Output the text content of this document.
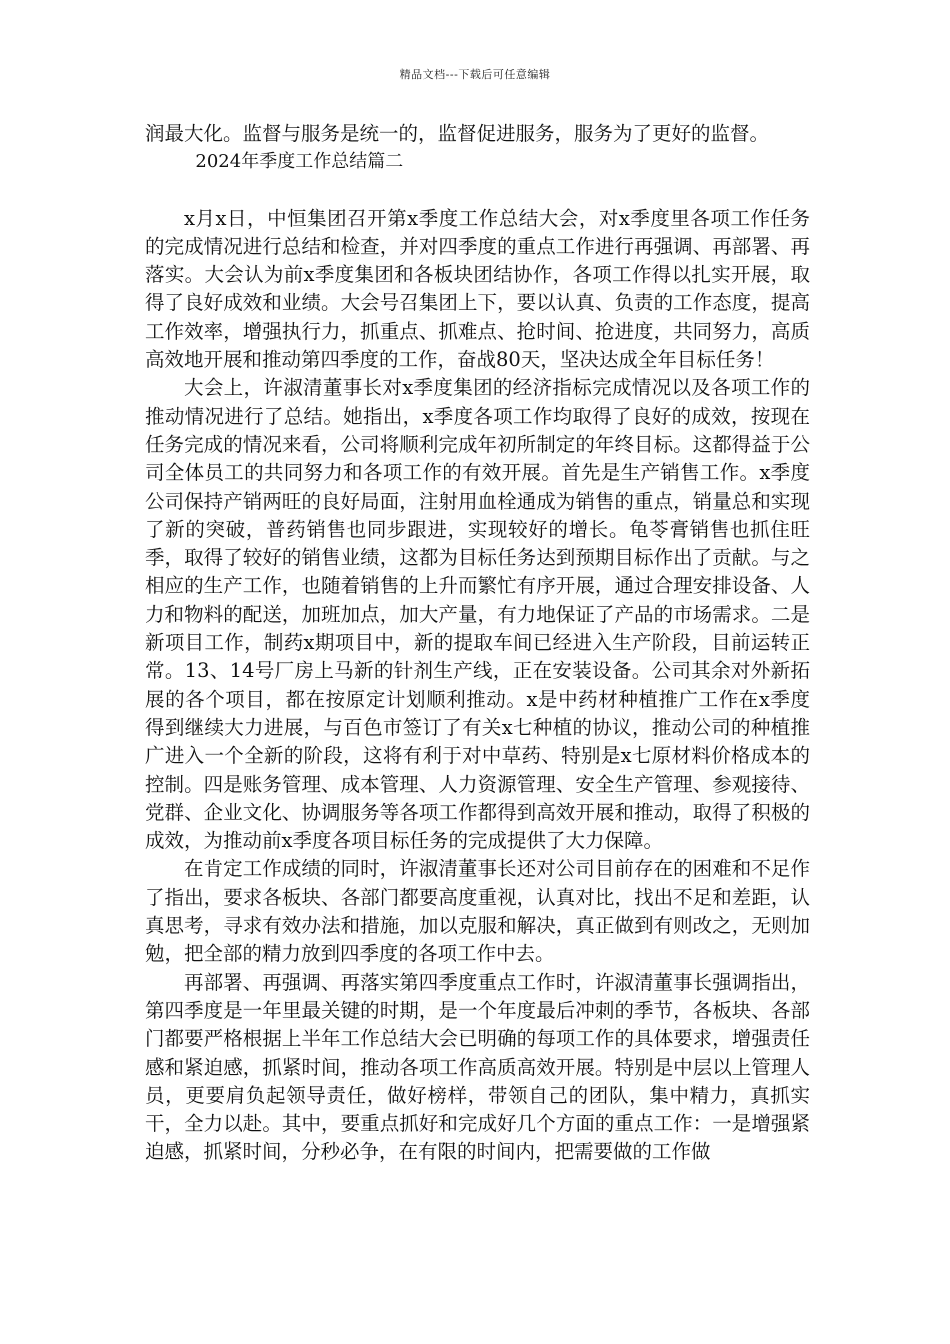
精品文档---下载后可任意编辑

润最大化。监督与服务是统一的，监督促进服务，服务为了更好的监督。

2024年季度工作总结篇二

x月x日，中恒集团召开第x季度工作总结大会，对x季度里各项工作任务的完成情况进行总结和检查，并对四季度的重点工作进行再强调、再部署、再落实。大会认为前x季度集团和各板块团结协作，各项工作得以扎实开展，取得了良好成效和业绩。大会号召集团上下，要以认真、负责的工作态度，提高工作效率，增强执行力，抓重点、抓难点、抢时间、抢进度，共同努力，高质高效地开展和推动第四季度的工作，奋战80天，坚决达成全年目标任务！

大会上，许淑清董事长对x季度集团的经济指标完成情况以及各项工作的推动情况进行了总结。她指出，x季度各项工作均取得了良好的成效，按现在任务完成的情况来看，公司将顺利完成年初所制定的年终目标。这都得益于公司全体员工的共同努力和各项工作的有效开展。首先是生产销售工作。x季度公司保持产销两旺的良好局面，注射用血栓通成为销售的重点，销量总和实现了新的突破，普药销售也同步跟进，实现较好的增长。龟苓膏销售也抓住旺季，取得了较好的销售业绩，这都为目标任务达到预期目标作出了贡献。与之相应的生产工作，也随着销售的上升而繁忙有序开展，通过合理安排设备、人力和物料的配送，加班加点，加大产量，有力地保证了产品的市场需求。二是新项目工作，制药x期项目中，新的提取车间已经进入生产阶段，目前运转正常。13、14号厂房上马新的针剂生产线，正在安装设备。公司其余对外新拓展的各个项目，都在按原定计划顺利推动。x是中药材种植推广工作在x季度得到继续大力进展，与百色市签订了有关x七种植的协议，推动公司的种植推广进入一个全新的阶段，这将有利于对中草药、特别是x七原材料价格成本的控制。四是账务管理、成本管理、人力资源管理、安全生产管理、参观接待、党群、企业文化、协调服务等各项工作都得到高效开展和推动，取得了积极的成效，为推动前x季度各项目标任务的完成提供了大力保障。

在肯定工作成绩的同时，许淑清董事长还对公司目前存在的困难和不足作了指出，要求各板块、各部门都要高度重视，认真对比，找出不足和差距，认真思考，寻求有效办法和措施，加以克服和解决，真正做到有则改之，无则加勉，把全部的精力放到四季度的各项工作中去。

再部署、再强调、再落实第四季度重点工作时，许淑清董事长强调指出，第四季度是一年里最关键的时期，是一个年度最后冲刺的季节，各板块、各部门都要严格根据上半年工作总结大会已明确的每项工作的具体要求，增强责任感和紧迫感，抓紧时间，推动各项工作高质高效开展。特别是中层以上管理人员，更要肩负起领导责任，做好榜样，带领自己的团队，集中精力，真抓实干，全力以赴。其中，要重点抓好和完成好几个方面的重点工作：一是增强紧迫感，抓紧时间，分秒必争，在有限的时间内，把需要做的工作做
